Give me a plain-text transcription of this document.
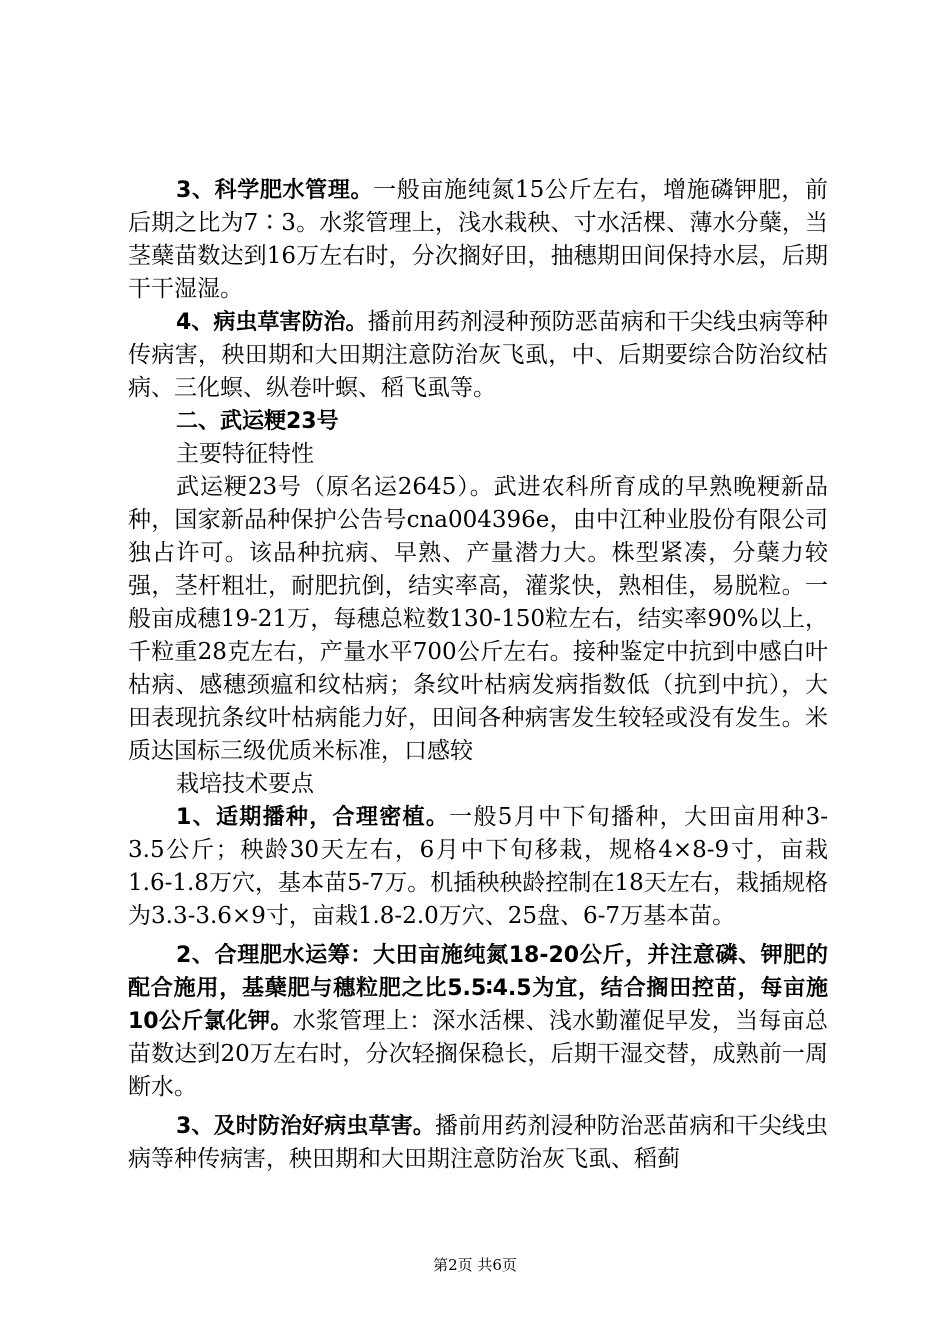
3、科学肥水管理。一般亩施纯氮15公斤左右，增施磷钾肥，前后期之比为7∶3。水浆管理上，浅水栽秧、寸水活棵、薄水分蘖，当茎蘖苗数达到16万左右时，分次搁好田，抽穗期田间保持水层，后期干干湿湿。

4、病虫草害防治。播前用药剂浸种预防恶苗病和干尖线虫病等种传病害，秧田期和大田期注意防治灰飞虱，中、后期要综合防治纹枯病、三化螟、纵卷叶螟、稻飞虱等。

二、武运粳23号

主要特征特性

武运粳23号（原名运2645）。武进农科所育成的早熟晚粳新品种，国家新品种保护公告号cna004396e，由中江种业股份有限公司独占许可。该品种抗病、早熟、产量潜力大。株型紧凑，分蘖力较强，茎杆粗壮，耐肥抗倒，结实率高，灌浆快，熟相佳，易脱粒。一般亩成穗19-21万，每穗总粒数130-150粒左右，结实率90%以上，千粒重28克左右，产量水平700公斤左右。接种鉴定中抗到中感白叶枯病、感穗颈瘟和纹枯病；条纹叶枯病发病指数低（抗到中抗），大田表现抗条纹叶枯病能力好，田间各种病害发生较轻或没有发生。米质达国标三级优质米标准，口感较

栽培技术要点

1、适期播种，合理密植。一般5月中下旬播种，大田亩用种3-3.5公斤；秧龄30天左右，6月中下旬移栽，规格4×8-9寸，亩栽1.6-1.8万穴，基本苗5-7万。机插秧秧龄控制在18天左右，栽插规格为3.3-3.6×9寸，亩栽1.8-2.0万穴、25盘、6-7万基本苗。

2、合理肥水运筹：大田亩施纯氮18-20公斤，并注意磷、钾肥的配合施用，基蘖肥与穗粒肥之比5.5∶4.5为宜，结合搁田控苗，每亩施10公斤氯化钾。水浆管理上：深水活棵、浅水勤灌促早发，当每亩总苗数达到20万左右时，分次轻搁保稳长，后期干湿交替，成熟前一周断水。

3、及时防治好病虫草害。播前用药剂浸种防治恶苗病和干尖线虫病等种传病害，秧田期和大田期注意防治灰飞虱、稻蓟

第2页 共6页
